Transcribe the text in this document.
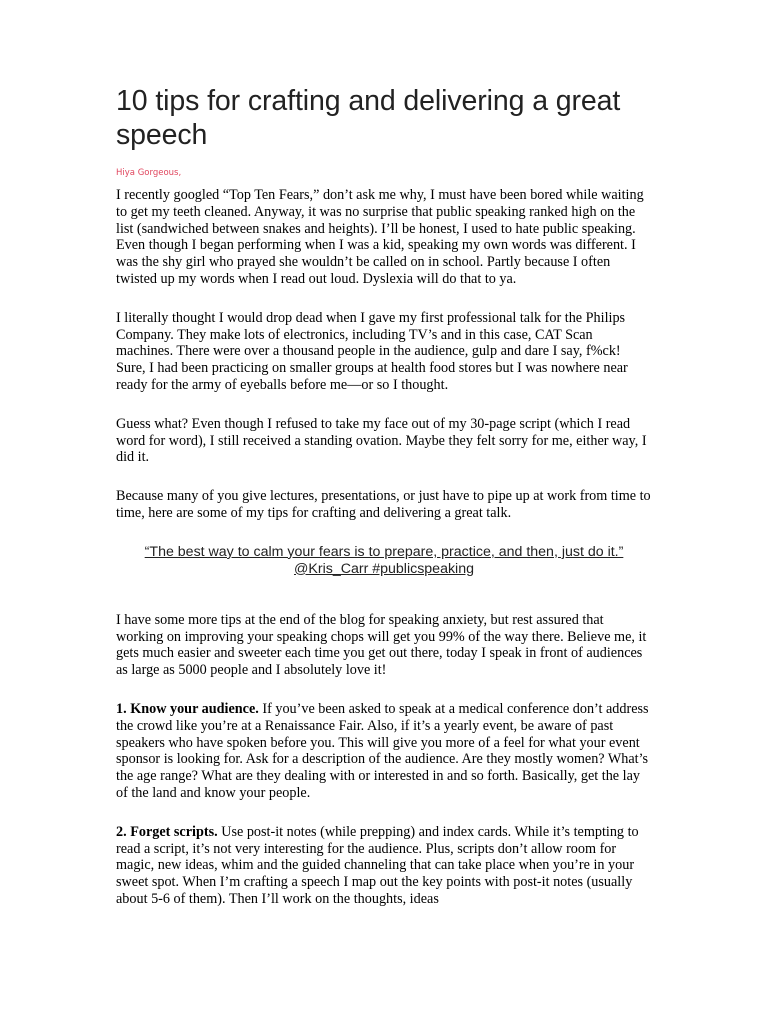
10 tips for crafting and delivering a great speech
Hiya Gorgeous,

I recently googled “Top Ten Fears,” don’t ask me why, I must have been bored while waiting to get my teeth cleaned. Anyway, it was no surprise that public speaking ranked high on the list (sandwiched between snakes and heights). I’ll be honest, I used to hate public speaking. Even though I began performing when I was a kid, speaking my own words was different. I was the shy girl who prayed she wouldn’t be called on in school. Partly because I often twisted up my words when I read out loud. Dyslexia will do that to ya.

I literally thought I would drop dead when I gave my first professional talk for the Philips Company. They make lots of electronics, including TV’s and in this case, CAT Scan machines. There were over a thousand people in the audience, gulp and dare I say, f%ck! Sure, I had been practicing on smaller groups at health food stores but I was nowhere near ready for the army of eyeballs before me—or so I thought.

Guess what? Even though I refused to take my face out of my 30-page script (which I read word for word), I still received a standing ovation. Maybe they felt sorry for me, either way, I did it.

Because many of you give lectures, presentations, or just have to pipe up at work from time to time, here are some of my tips for crafting and delivering a great talk.

“The best way to calm your fears is to prepare, practice, and then, just do it.”
@Kris_Carr #publicspeaking

I have some more tips at the end of the blog for speaking anxiety, but rest assured that working on improving your speaking chops will get you 99% of the way there. Believe me, it gets much easier and sweeter each time you get out there, today I speak in front of audiences as large as 5000 people and I absolutely love it!

1. Know your audience. If you’ve been asked to speak at a medical conference don’t address the crowd like you’re at a Renaissance Fair. Also, if it’s a yearly event, be aware of past speakers who have spoken before you. This will give you more of a feel for what your event sponsor is looking for. Ask for a description of the audience. Are they mostly women? What’s the age range? What are they dealing with or interested in and so forth. Basically, get the lay of the land and know your people.

2. Forget scripts. Use post-it notes (while prepping) and index cards. While it’s tempting to read a script, it’s not very interesting for the audience. Plus, scripts don’t allow room for magic, new ideas, whim and the guided channeling that can take place when you’re in your sweet spot. When I’m crafting a speech I map out the key points with post-it notes (usually about 5-6 of them). Then I’ll work on the thoughts, ideas
